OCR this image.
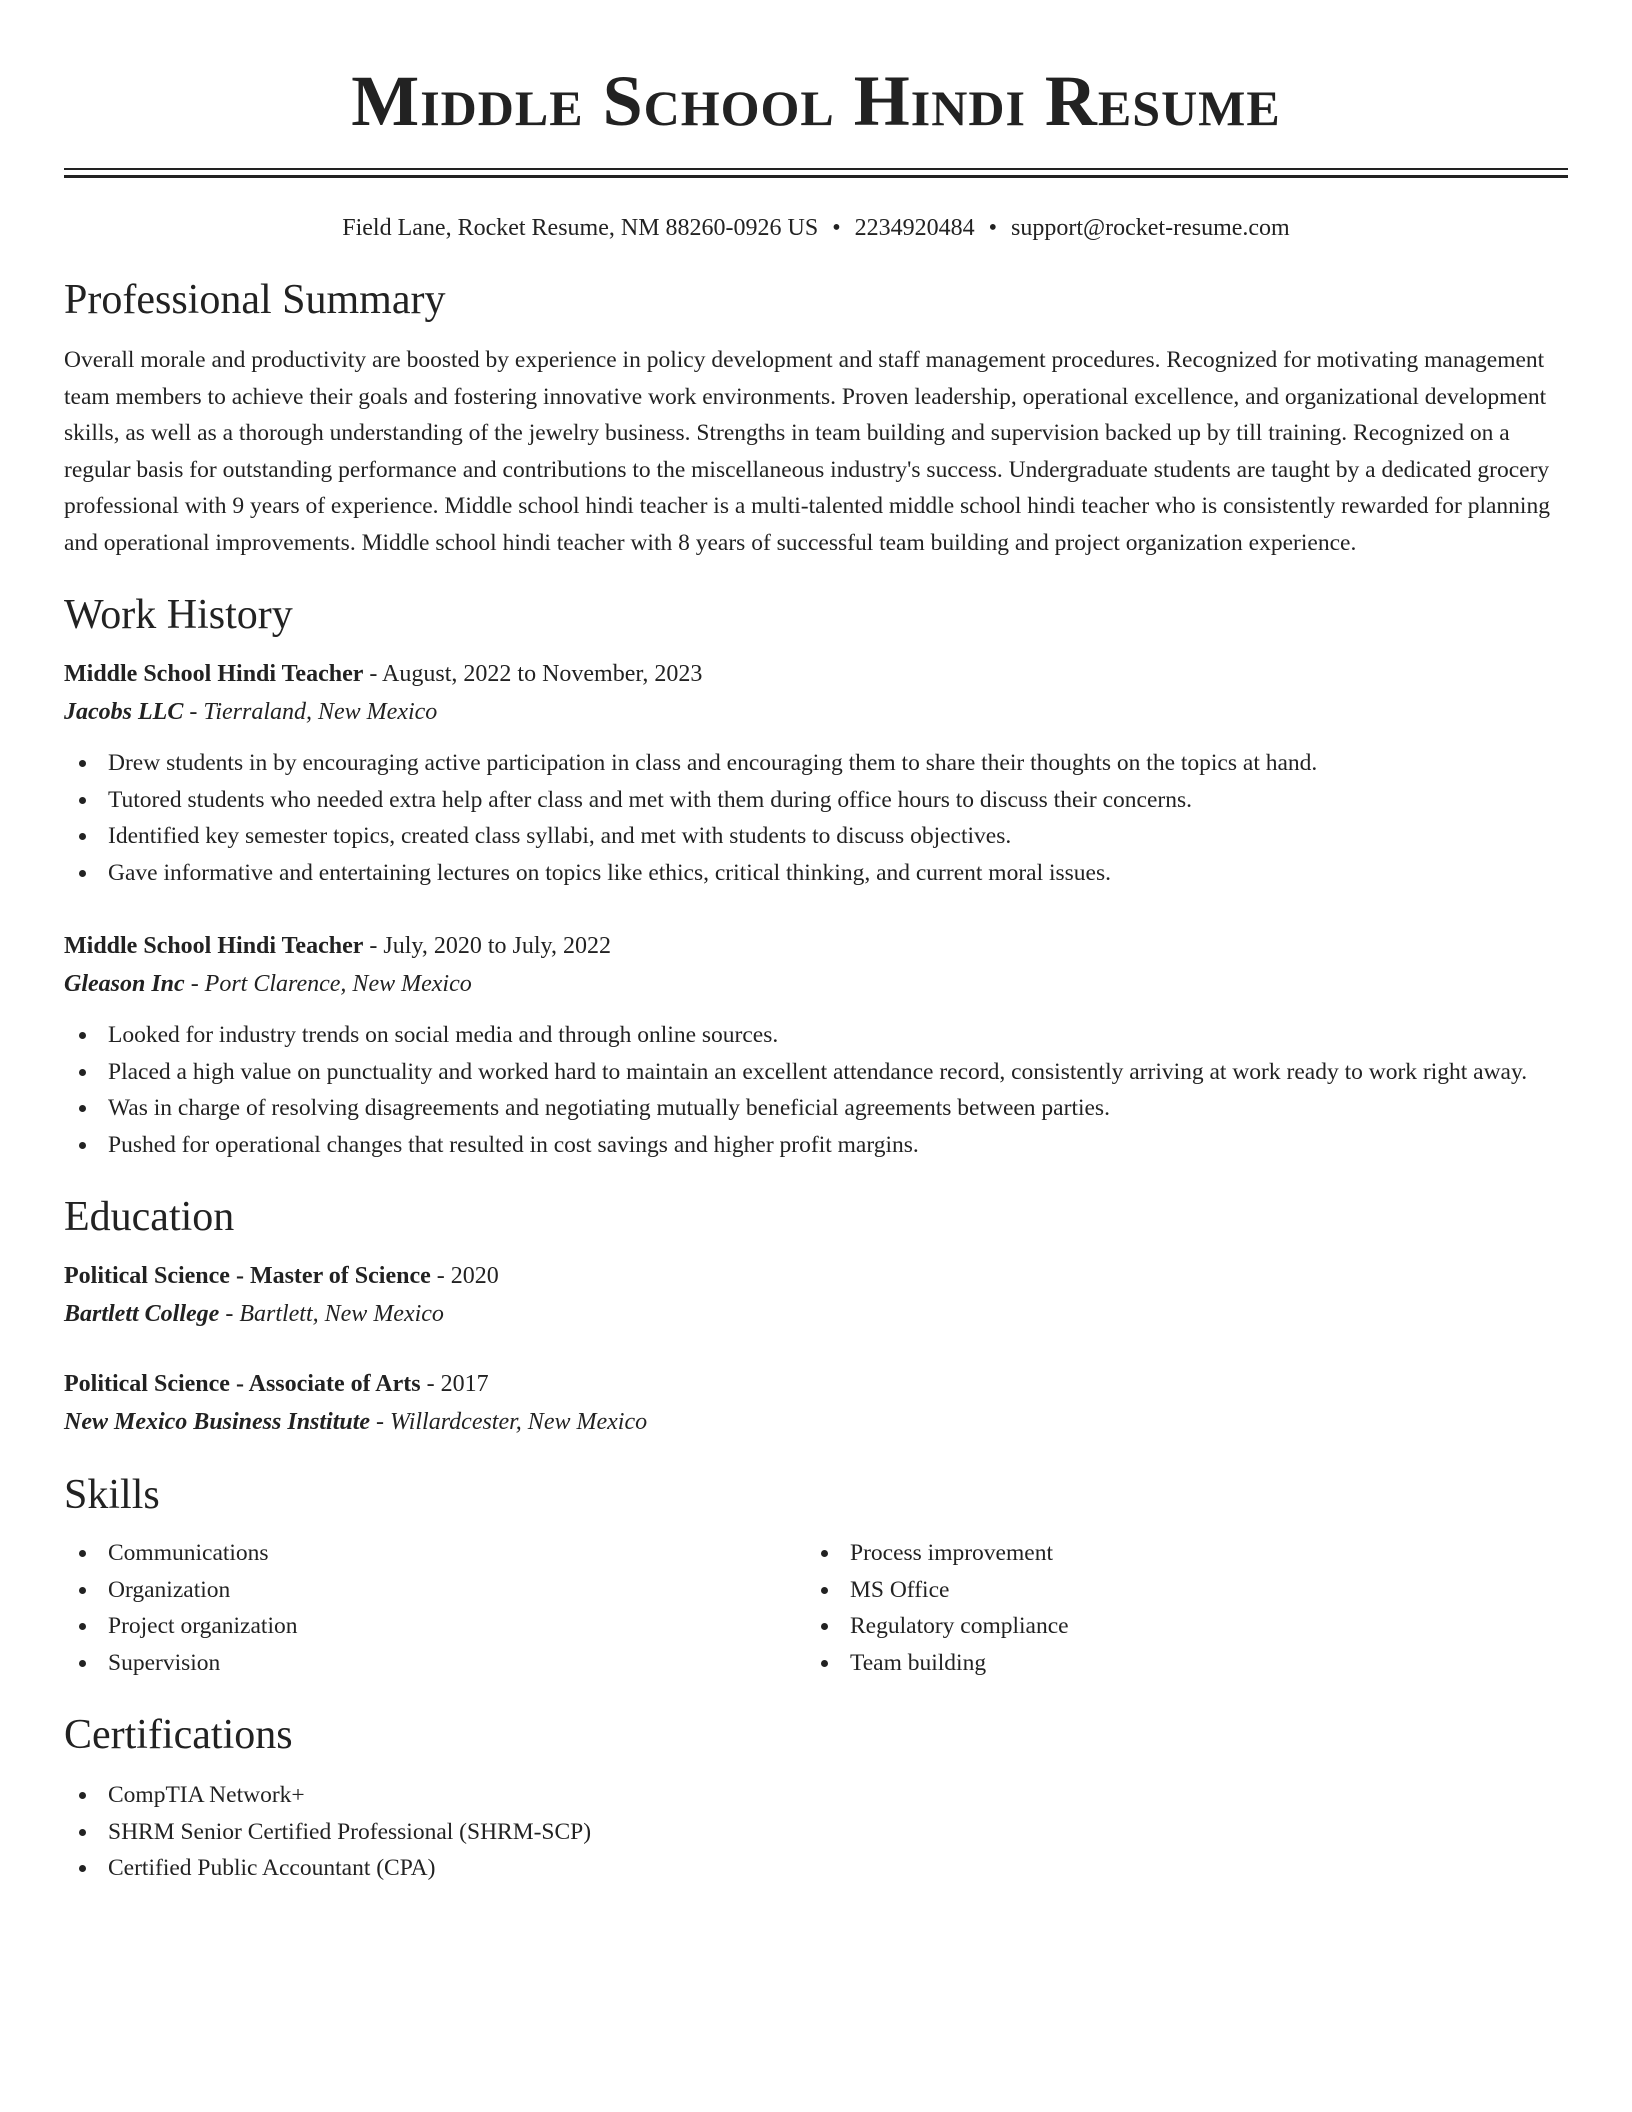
Middle School Hindi Resume
Field Lane, Rocket Resume, NM 88260-0926 US • 2234920484 • support@rocket-resume.com
Professional Summary

Overall morale and productivity are boosted by experience in policy development and staff management procedures. Recognized for motivating management team members to achieve their goals and fostering innovative work environments. Proven leadership, operational excellence, and organizational development skills, as well as a thorough understanding of the jewelry business. Strengths in team building and supervision backed up by till training. Recognized on a regular basis for outstanding performance and contributions to the miscellaneous industry's success. Undergraduate students are taught by a dedicated grocery professional with 9 years of experience. Middle school hindi teacher is a multi-talented middle school hindi teacher who is consistently rewarded for planning and operational improvements. Middle school hindi teacher with 8 years of successful team building and project organization experience.

Work History
Middle School Hindi Teacher - August, 2022 to November, 2023
Jacobs LLC - Tierraland, New Mexico
Drew students in by encouraging active participation in class and encouraging them to share their thoughts on the topics at hand.
Tutored students who needed extra help after class and met with them during office hours to discuss their concerns.
Identified key semester topics, created class syllabi, and met with students to discuss objectives.
Gave informative and entertaining lectures on topics like ethics, critical thinking, and current moral issues.
Middle School Hindi Teacher - July, 2020 to July, 2022
Gleason Inc - Port Clarence, New Mexico
Looked for industry trends on social media and through online sources.
Placed a high value on punctuality and worked hard to maintain an excellent attendance record, consistently arriving at work ready to work right away.
Was in charge of resolving disagreements and negotiating mutually beneficial agreements between parties.
Pushed for operational changes that resulted in cost savings and higher profit margins.
Education
Political Science - Master of Science - 2020
Bartlett College - Bartlett, New Mexico
Political Science - Associate of Arts - 2017
New Mexico Business Institute - Willardcester, New Mexico
Skills
Communications
Organization
Project organization
Supervision
Process improvement
MS Office
Regulatory compliance
Team building
Certifications
CompTIA Network+
SHRM Senior Certified Professional (SHRM-SCP)
Certified Public Accountant (CPA)
